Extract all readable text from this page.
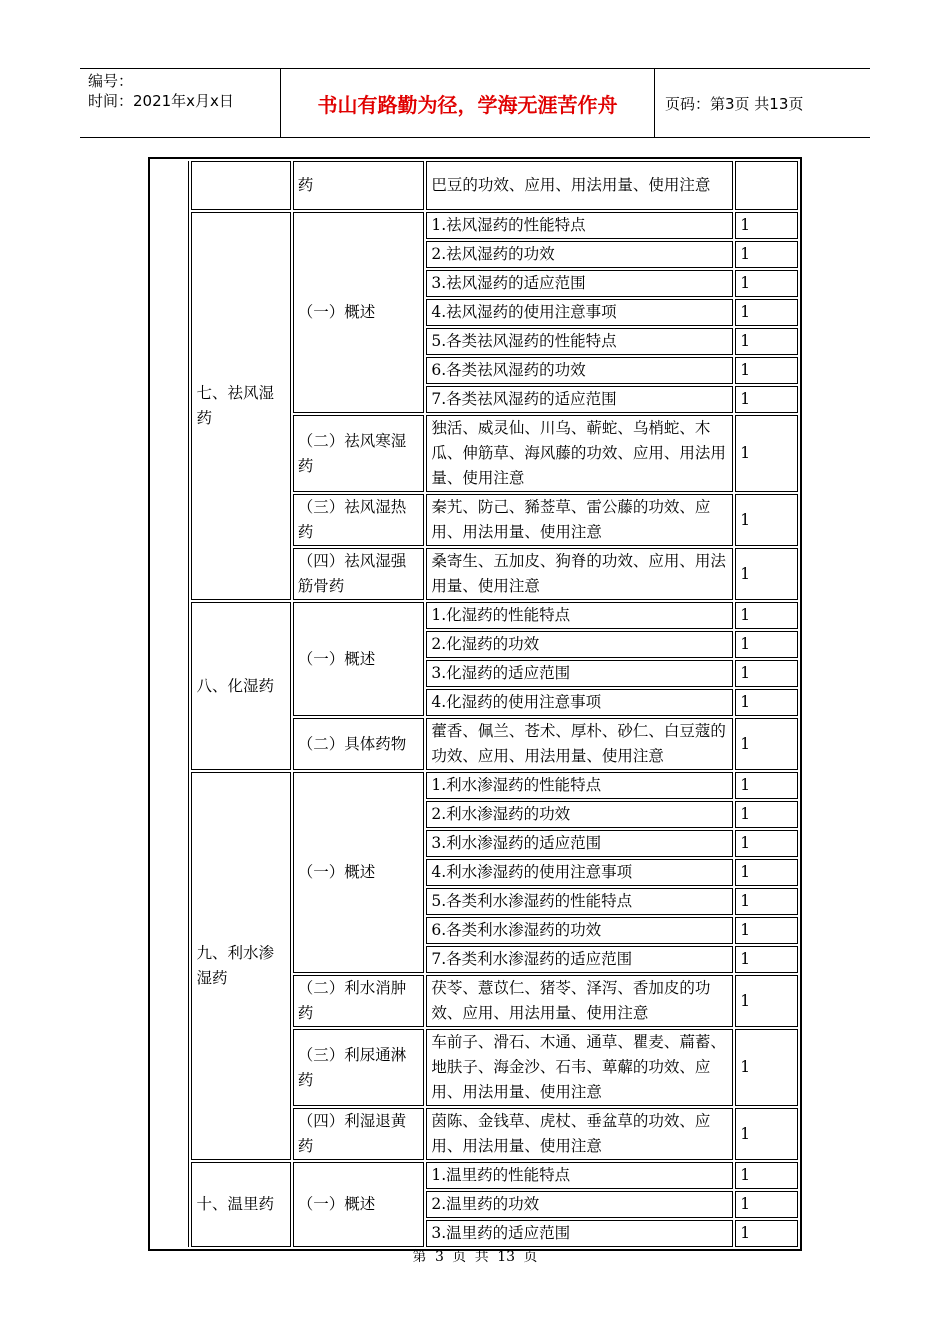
编号：
时间：2021年x月x日	书山有路勤为径，学海无涯苦作舟	页码：第3页 共13页
		药	巴豆的功效、应用、用法用量、使用注意	
	七、祛风湿药	（一）概述	1.祛风湿药的性能特点	1
			2.祛风湿药的功效	1
			3.祛风湿药的适应范围	1
			4.祛风湿药的使用注意事项	1
			5.各类祛风湿药的性能特点	1
			6.各类祛风湿药的功效	1
			7.各类祛风湿药的适应范围	1
		（二）祛风寒湿药	独活、威灵仙、川乌、蕲蛇、乌梢蛇、木瓜、伸筋草、海风藤的功效、应用、用法用量、使用注意	1
		（三）祛风湿热药	秦艽、防己、豨莶草、雷公藤的功效、应用、用法用量、使用注意	1
		（四）祛风湿强筋骨药	桑寄生、五加皮、狗脊的功效、应用、用法用量、使用注意	1
	八、化湿药	（一）概述	1.化湿药的性能特点	1
			2.化湿药的功效	1
			3.化湿药的适应范围	1
			4.化湿药的使用注意事项	1
		（二）具体药物	藿香、佩兰、苍术、厚朴、砂仁、白豆蔻的功效、应用、用法用量、使用注意	1
	九、利水渗湿药	（一）概述	1.利水渗湿药的性能特点	1
			2.利水渗湿药的功效	1
			3.利水渗湿药的适应范围	1
			4.利水渗湿药的使用注意事项	1
			5.各类利水渗湿药的性能特点	1
			6.各类利水渗湿药的功效	1
			7.各类利水渗湿药的适应范围	1
		（二）利水消肿药	茯苓、薏苡仁、猪苓、泽泻、香加皮的功效、应用、用法用量、使用注意	1
		（三）利尿通淋药	车前子、滑石、木通、通草、瞿麦、萹蓄、地肤子、海金沙、石韦、萆薢的功效、应用、用法用量、使用注意	1
		（四）利湿退黄药	茵陈、金钱草、虎杖、垂盆草的功效、应用、用法用量、使用注意	1
	十、温里药	（一）概述	1.温里药的性能特点	1
			2.温里药的功效	1
			3.温里药的适应范围	1
第 3 页 共 13 页
